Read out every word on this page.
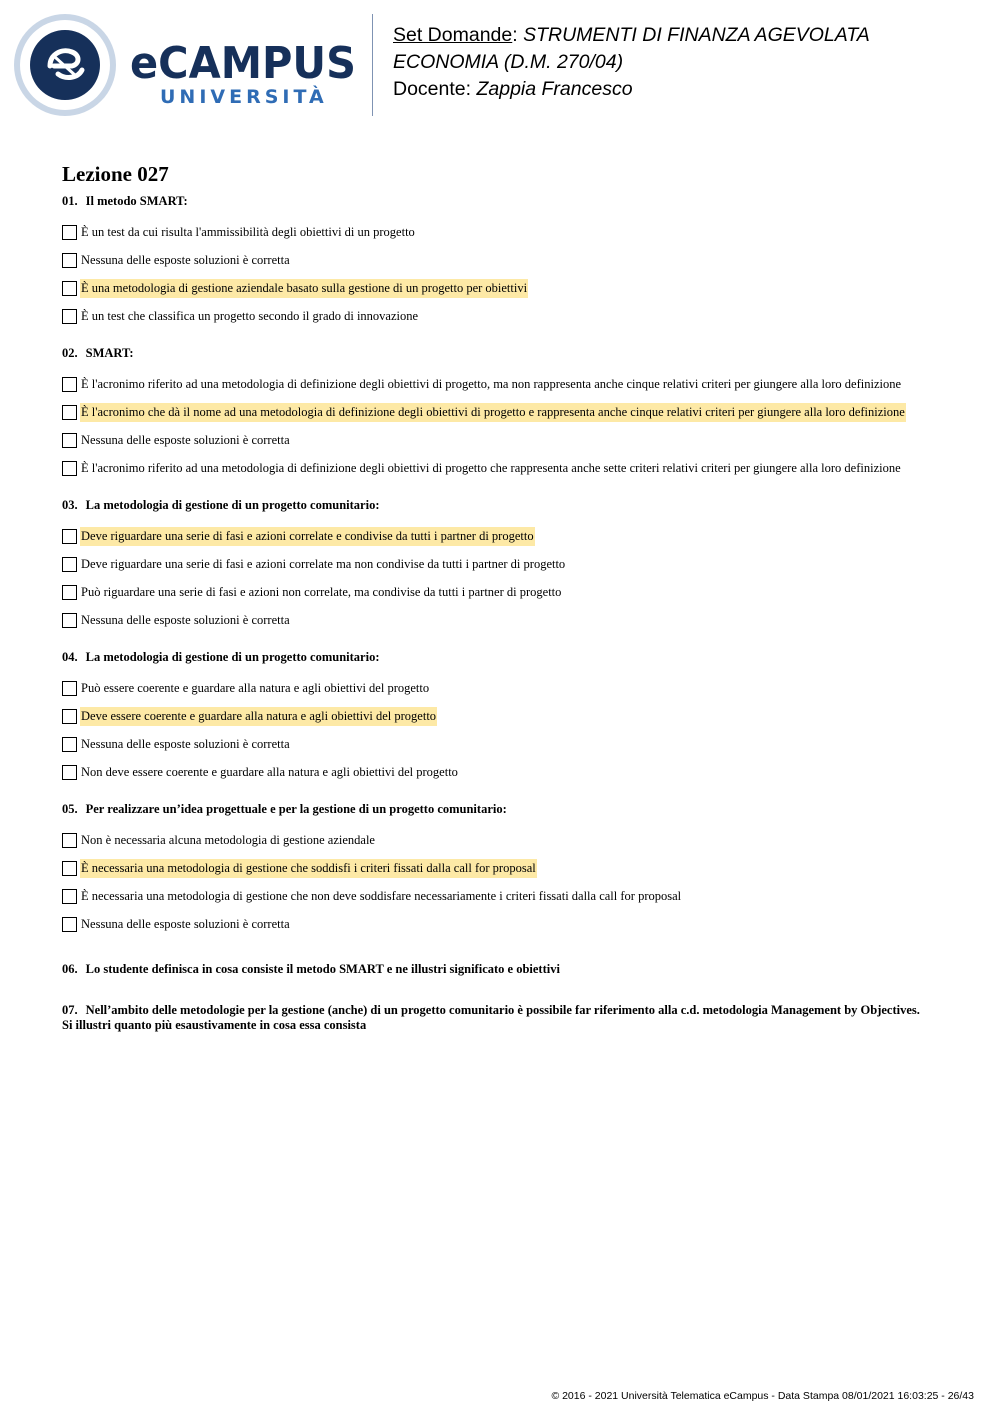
eCAMPUS
UNIVERSITÀ
Set Domande: STRUMENTI DI FINANZA AGEVOLATA
ECONOMIA (D.M. 270/04)
Docente: Zappia Francesco
Lezione 027
01. Il metodo SMART:
È un test da cui risulta l'ammissibilità degli obiettivi di un progetto
Nessuna delle esposte soluzioni è corretta
È una metodologia di gestione aziendale basato sulla gestione di un progetto per obiettivi
È un test che classifica un progetto secondo il grado di innovazione
02. SMART:
È l'acronimo riferito ad una metodologia di definizione degli obiettivi di progetto, ma non rappresenta anche cinque relativi criteri per giungere alla loro definizione
È l'acronimo che dà il nome ad una metodologia di definizione degli obiettivi di progetto e rappresenta anche cinque relativi criteri per giungere alla loro definizione
Nessuna delle esposte soluzioni è corretta
È l'acronimo riferito ad una metodologia di definizione degli obiettivi di progetto che rappresenta anche sette criteri relativi criteri per giungere alla loro definizione
03. La metodologia di gestione di un progetto comunitario:
Deve riguardare una serie di fasi e azioni correlate e condivise da tutti i partner di progetto
Deve riguardare una serie di fasi e azioni correlate ma non condivise da tutti i partner di progetto
Può riguardare una serie di fasi e azioni non correlate, ma condivise da tutti i partner di progetto
Nessuna delle esposte soluzioni è corretta
04. La metodologia di gestione di un progetto comunitario:
Può essere coerente e guardare alla natura e agli obiettivi del progetto
Deve essere coerente e guardare alla natura e agli obiettivi del progetto
Nessuna delle esposte soluzioni è corretta
Non deve essere coerente e guardare alla natura e agli obiettivi del progetto
05. Per realizzare un’idea progettuale e per la gestione di un progetto comunitario:
Non è necessaria alcuna metodologia di gestione aziendale
È necessaria una metodologia di gestione che soddisfi i criteri fissati dalla call for proposal
È necessaria una metodologia di gestione che non deve soddisfare necessariamente i criteri fissati dalla call for proposal
Nessuna delle esposte soluzioni è corretta
06. Lo studente definisca in cosa consiste il metodo SMART e ne illustri significato e obiettivi
07. Nell’ambito delle metodologie per la gestione (anche) di un progetto comunitario è possibile far riferimento alla c.d. metodologia Management by Objectives.
Si illustri quanto più esaustivamente in cosa essa consista
© 2016 - 2021 Università Telematica eCampus - Data Stampa 08/01/2021 16:03:25 - 26/43
